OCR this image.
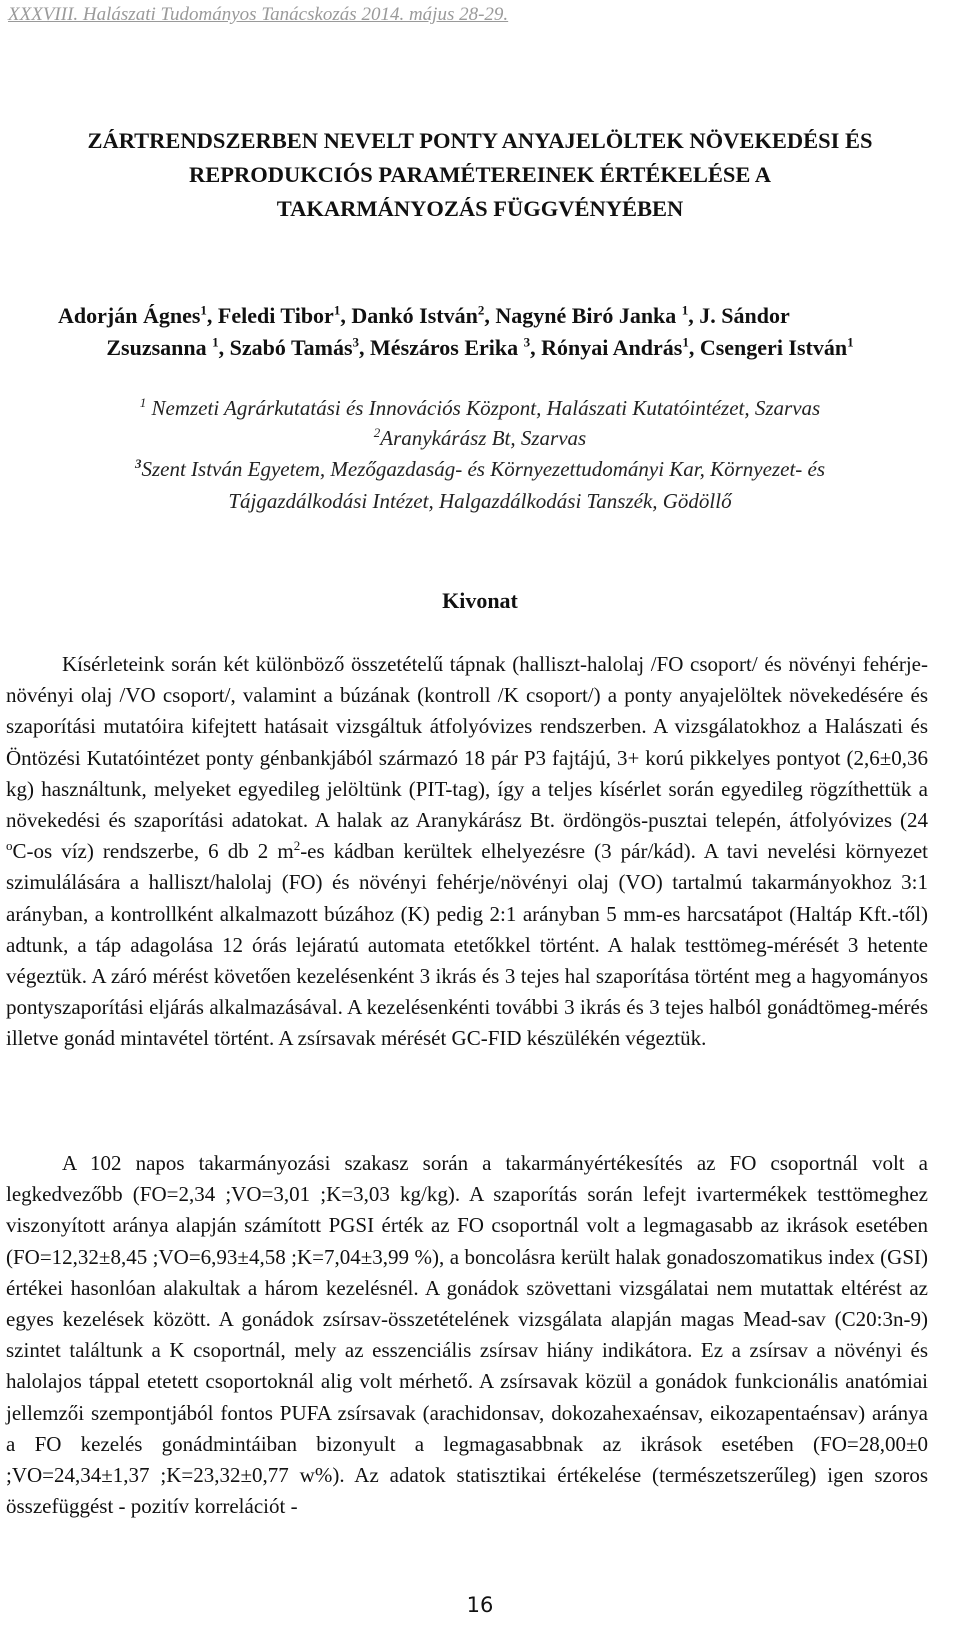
XXXVIII. Halászati Tudományos Tanácskozás 2014. május 28-29.
ZÁRTRENDSZERBEN NEVELT PONTY ANYAJELÖLTEK NÖVEKEDÉSI ÉS
REPRODUKCIÓS PARAMÉTEREINEK ÉRTÉKELÉSE A
TAKARMÁNYOZÁS FÜGGVÉNYÉBEN
Adorján Ágnes$^1$, Feledi Tibor$^1$, Dankó István$^2$, Nagyné Biró Janka $^1$, J. Sándor
Zsuzsanna $^1$, Szabó Tamás$^3$, Mészáros Erika $^3$, Rónyai András$^1$, Csengeri István$^1$
$^1$ Nemzeti Agrárkutatási és Innovációs Központ, Halászati Kutatóintézet, Szarvas
$^2$Aranykárász Bt, Szarvas
$^3$Szent István Egyetem, Mezőgazdaság- és Környezettudományi Kar, Környezet- és
Tájgazdálkodási Intézet, Halgazdálkodási Tanszék, Gödöllő
Kivonat
Kísérleteink során két különböző összetételű tápnak (halliszt-halolaj /FO csoport/ és növényi fehérje-növényi olaj /VO csoport/, valamint a búzának (kontroll /K csoport/) a ponty anyajelöltek növekedésére és szaporítási mutatóira kifejtett hatásait vizsgáltuk átfolyóvizes rendszerben. A vizsgálatokhoz a Halászati és Öntözési Kutatóintézet ponty génbankjából származó 18 pár P3 fajtájú, 3+ korú pikkelyes pontyot (2,6±0,36 kg) használtunk, melyeket egyedileg jelöltünk (PIT-tag), így a teljes kísérlet során egyedileg rögzíthettük a növekedési és szaporítási adatokat. A halak az Aranykárász Bt. ördöngös-pusztai telepén, átfolyóvizes (24 $^o$C-os víz) rendszerbe, 6 db 2 $m^2-es$ kádban kerültek elhelyezésre (3 pár/kád). A tavi nevelési környezet szimulálására a halliszt/halolaj (FO) és növényi fehérje/növényi olaj (VO) tartalmú takarmányokhoz 3:1 arányban, a kontrollként alkalmazott búzához (K) pedig 2:1 arányban 5 mm-es harcsatápot (Haltáp Kft.-től) adtunk, a táp adagolása 12 órás lejáratú automata etetőkkel történt. A halak testtömeg-mérését 3 hetente végeztük. A záró mérést követően kezelésenként 3 ikrás és 3 tejes hal szaporítása történt meg a hagyományos pontyszaporítási eljárás alkalmazásával. A kezelésenkénti további 3 ikrás és 3 tejes halból gonádtömeg-mérés illetve gonád mintavétel történt. A zsírsavak mérését GC-FID készülékén végeztük.
A 102 napos takarmányozási szakasz során a takarmányértékesítés az FO csoportnál volt a legkedvezőbb (FO=2,34 ;VO=3,01 ;K=3,03 kg/kg). A szaporítás során lefejt ivartermékek testtömeghez viszonyított aránya alapján számított PGSI érték az FO csoportnál volt a legmagasabb az ikrások esetében (FO=12,32±8,45 ;VO=6,93±4,58 ;K=7,04±3,99 %), a boncolásra került halak gonadoszomatikus index (GSI) értékei hasonlóan alakultak a három kezelésnél. A gonádok szövettani vizsgálatai nem mutattak eltérést az egyes kezelések között. A gonádok zsírsav-összetételének vizsgálata alapján magas Mead-sav (C20:3n-9) szintet találtunk a K csoportnál, mely az esszenciális zsírsav hiány indikátora. Ez a zsírsav a növényi és halolajos táppal etetett csoportoknál alig volt mérhető. A zsírsavak közül a gonádok funkcionális anatómiai jellemzői szempontjából fontos PUFA zsírsavak (arachidonsav, dokozahexaénsav, eikozapentaénsav) aránya a FO kezelés gonádmintáiban bizonyult a legmagasabbnak az ikrások esetében (FO=28,00±0 ;VO=24,34±1,37 ;K=23,32±0,77 w%). Az adatok statisztikai értékelése (természetszerűleg) igen szoros összefüggést - pozitív korrelációt -
16
